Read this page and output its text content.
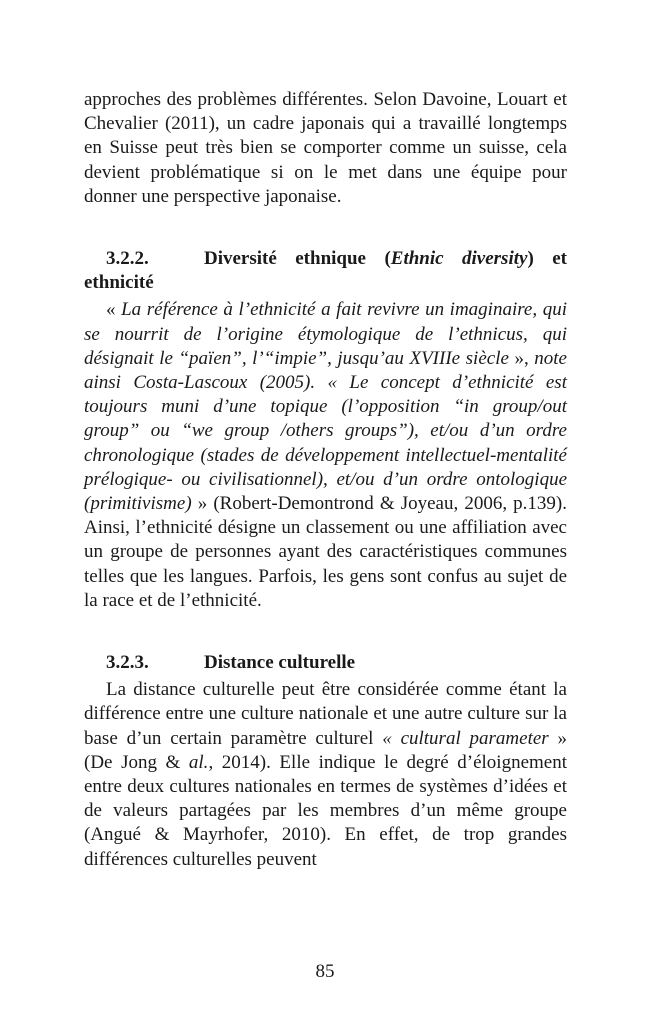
approches des problèmes différentes. Selon Davoine, Louart et Chevalier (2011), un cadre japonais qui a travaillé longtemps en Suisse peut très bien se comporter comme un suisse, cela devient problématique si on le met dans une équipe pour donner une perspective japonaise.

3.2.2.	Diversité ethnique (Ethnic diversity) et ethnicité

« La référence à l’ethnicité a fait revivre un imaginaire, qui se nourrit de l’origine étymologique de l’ethnicus, qui désignait le “païen”, l’“impie”, jusqu’au XVIIIe siècle », note ainsi Costa-Lascoux (2005). « Le concept d’ethnicité est toujours muni d’une topique (l’opposition “in group/out group” ou “we group /others groups”), et/ou d’un ordre chronologique (stades de développement intellectuel-mentalité prélogique- ou civilisationnel), et/ou d’un ordre ontologique (primitivisme) » (Robert-Demontrond & Joyeau, 2006, p.139). Ainsi, l’ethnicité désigne un classement ou une affiliation avec un groupe de personnes ayant des caractéristiques communes telles que les langues. Parfois, les gens sont confus au sujet de la race et de l’ethnicité.

3.2.3.	Distance culturelle

La distance culturelle peut être considérée comme étant la différence entre une culture nationale et une autre culture sur la base d’un certain paramètre culturel « cultural parameter » (De Jong & al., 2014). Elle indique le degré d’éloignement entre deux cultures nationales en termes de systèmes d’idées et de valeurs partagées par les membres d’un même groupe (Angué & Mayrhofer, 2010). En effet, de trop grandes différences culturelles peuvent

85
